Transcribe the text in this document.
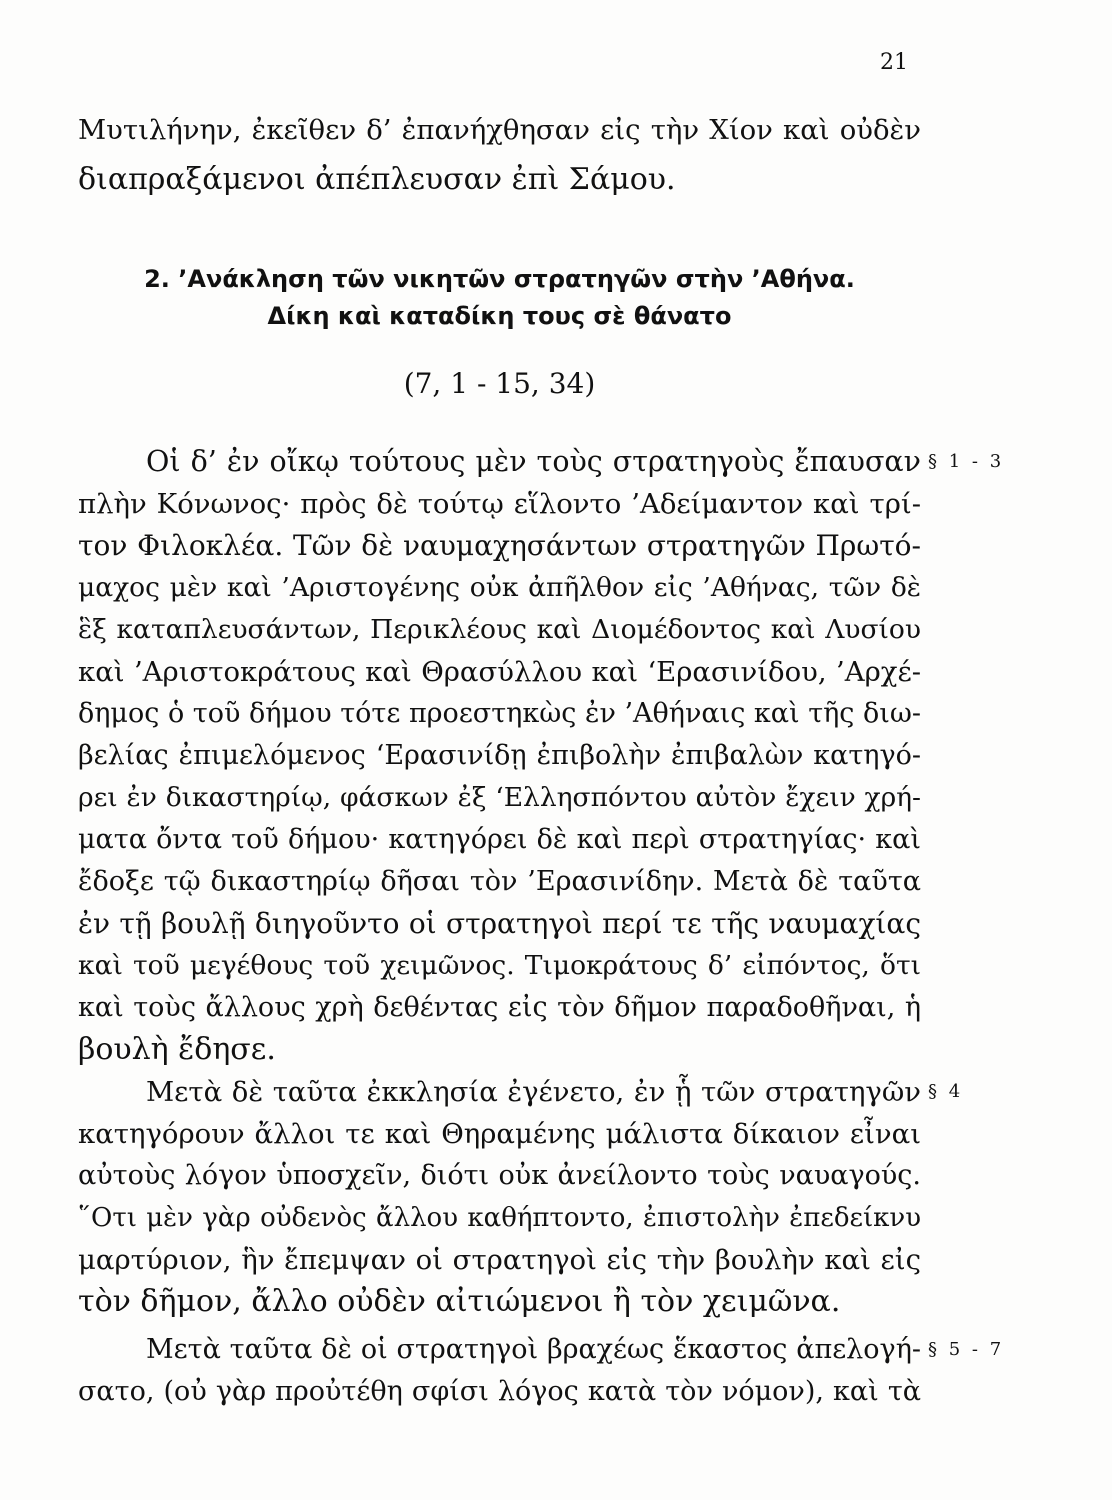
21
Μυτιλήνην, ἐκεῖθεν δ’ ἐπανήχθησαν εἰς τὴν Χίον καὶ οὐδὲν
διαπραξάμενοι ἀπέπλευσαν ἐπὶ Σάμου.
2. ’Ανάκληση τῶν νικητῶν στρατηγῶν στὴν ’Αθήνα.
Δίκη καὶ καταδίκη τους σὲ θάνατο
(7, 1 - 15, 34)
§ 1 - 3
Οἱ δ’ ἐν οἴκῳ τούτους μὲν τοὺς στρατηγοὺς ἔπαυσαν
πλὴν Κόνωνος· πρὸς δὲ τούτῳ εἵλοντο ’Αδείμαντον καὶ τρί-
τον Φιλοκλέα. Τῶν δὲ ναυμαχησάντων στρατηγῶν Πρωτό-
μαχος μὲν καὶ ’Αριστογένης οὐκ ἀπῆλθον εἰς ’Αθήνας, τῶν δὲ
ἓξ καταπλευσάντων, Περικλέους καὶ Διομέδοντος καὶ Λυσίου
καὶ ’Αριστοκράτους καὶ Θρασύλλου καὶ ‘Ερασινίδου, ’Αρχέ-
δημος ὁ τοῦ δήμου τότε προεστηκὼς ἐν ’Αθήναις καὶ τῆς διω-
βελίας ἐπιμελόμενος ‘Ερασινίδῃ ἐπιβολὴν ἐπιβαλὼν κατηγό-
ρει ἐν δικαστηρίῳ, φάσκων ἐξ ‘Ελλησπόντου αὐτὸν ἔχειν χρή-
ματα ὄντα τοῦ δήμου· κατηγόρει δὲ καὶ περὶ στρατηγίας· καὶ
ἔδοξε τῷ δικαστηρίῳ δῆσαι τὸν ’Ερασινίδην. Μετὰ δὲ ταῦτα
ἐν τῇ βουλῇ διηγοῦντο οἱ στρατηγοὶ περί τε τῆς ναυμαχίας
καὶ τοῦ μεγέθους τοῦ χειμῶνος. Τιμοκράτους δ’ εἰπόντος, ὅτι
καὶ τοὺς ἄλλους χρὴ δεθέντας εἰς τὸν δῆμον παραδοθῆναι, ἡ
βουλὴ ἔδησε.
§ 4
Μετὰ δὲ ταῦτα ἐκκλησία ἐγένετο, ἐν ᾗ τῶν στρατηγῶν
κατηγόρουν ἄλλοι τε καὶ Θηραμένης μάλιστα δίκαιον εἶναι
αὐτοὺς λόγον ὑποσχεῖν, διότι οὐκ ἀνείλοντο τοὺς ναυαγούς.
῞Οτι μὲν γὰρ οὐδενὸς ἄλλου καθήπτοντο, ἐπιστολὴν ἐπεδείκνυ
μαρτύριον, ἣν ἔπεμψαν οἱ στρατηγοὶ εἰς τὴν βουλὴν καὶ εἰς
τὸν δῆμον, ἄλλο οὐδὲν αἰτιώμενοι ἢ τὸν χειμῶνα.
§ 5 - 7
Μετὰ ταῦτα δὲ οἱ στρατηγοὶ βραχέως ἕκαστος ἀπελογή-
σατο, (οὐ γὰρ προὐτέθη σφίσι λόγος κατὰ τὸν νόμον), καὶ τὰ
